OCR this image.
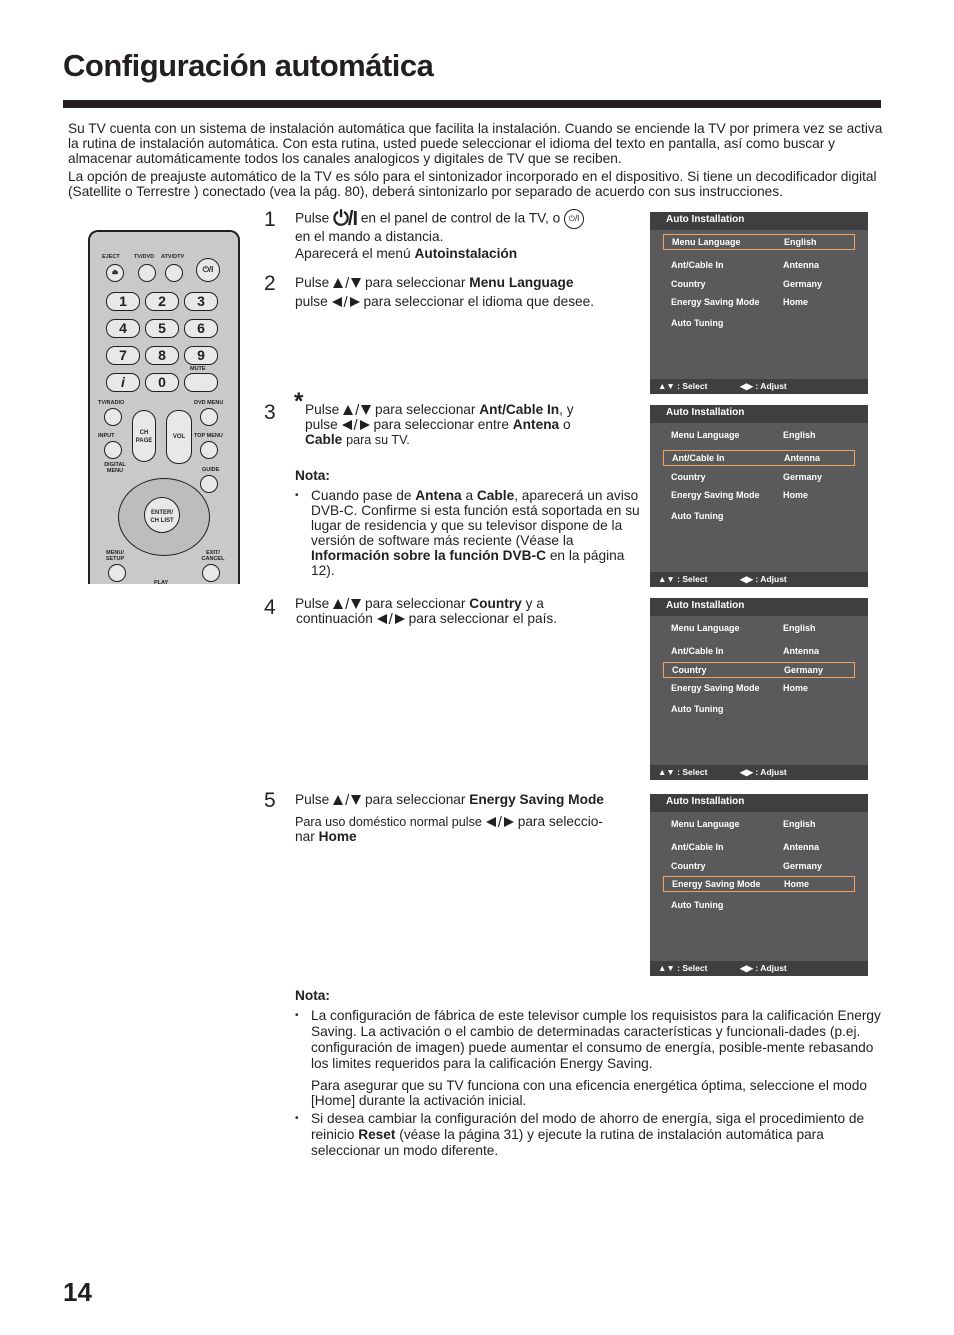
Configuración automática

Su TV cuenta con un sistema de instalación automática que facilita la instalación. Cuando se enciende la TV por primera vez se activa la rutina de instalación automática. Con esta rutina, usted puede seleccionar el idioma del texto en pantalla, así como buscar y almacenar automáticamente todos los canales analogicos y digitales de TV que se reciben.

La opción de preajuste automático de la TV es sólo para el sintonizador incorporado en el dispositivo. Si tiene un decodificador digital (Satellite o Terrestre ) conectado (vea la pág. 80), deberá sintonizarlo por separado de acuerdo con sus instrucciones.

EJECT	TV/DVD ATV/DTV
⏏	⏻/I
1	2	3
4	5	6
7	8	9
i	0
MUTE
TV/RADIO	DVD MENU
CH
PAGE
VOL
INPUT	TOP MENU
DIGITAL MENU	GUIDE
ENTER/
CH LIST
MENU/ SETUP
EXIT/ CANCEL
PLAY
1 Pulse ⏻/I en el panel de control de la TV, o ⏻/I
en el mando a distancia.
Aparecerá el menú Autoinstalación
2 Pulse / para seleccionar Menu Language
pulse / para seleccionar el idioma que desee.
3 * Pulse / para seleccionar Ant/Cable In, y
pulse / para seleccionar entre Antena o
Cable para su TV.
Nota:
• Cuando pase de Antena a Cable, aparecerá un aviso DVB-C. Confirme si esta función está soportada en su lugar de residencia y que su televisor dispone de la versión de software más reciente (Véase la Información sobre la función DVB-C en la página 12).
4 Pulse / para seleccionar Country y a
continuación / para seleccionar el país.
5 Pulse / para seleccionar Energy Saving Mode
Para uso doméstico normal pulse / para seleccio-
nar Home
Auto Installation
Menu Language	English
Ant/Cable In	Antenna
Country	Germany
Energy Saving Mode	Home
Auto Tuning
▲▼ : Select	◀▶ : Adjust
Auto Installation
Menu Language	English
Ant/Cable In	Antenna
Country	Germany
Energy Saving Mode	Home
Auto Tuning
▲▼ : Select	◀▶ : Adjust
Auto Installation
Menu Language	English
Ant/Cable In	Antenna
Country	Germany
Energy Saving Mode	Home
Auto Tuning
▲▼ : Select	◀▶ : Adjust
Auto Installation
Menu Language	English
Ant/Cable In	Antenna
Country	Germany
Energy Saving Mode	Home
Auto Tuning
▲▼ : Select	◀▶ : Adjust
Nota:
• La configuración de fábrica de este televisor cumple los requisistos para la calificación Energy Saving. La activación o el cambio de determinadas características y funcionali-dades (p.ej. configuración de imagen) puede aumentar el consumo de energía, posible-mente rebasando los limites requeridos para la calificación Energy Saving.
Para asegurar que su TV funciona con una eficencia energética óptima, seleccione el modo [Home] durante la activación inicial.
• Si desea cambiar la configuración del modo de ahorro de energía, siga el procedimiento de reinicio Reset (véase la página 31) y ejecute la rutina de instalación automática para seleccionar un modo diferente.
14
